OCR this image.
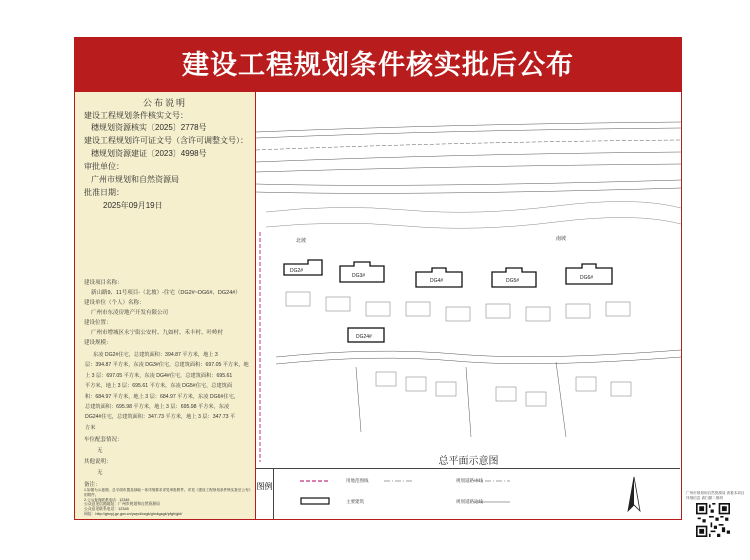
建设工程规划条件核实批后公布
公布说明
建设工程规划条件核实文号：
穗规划资源核实〔2025〕2778号
建设工程规划许可证文号（含许可调整文号）：
穗规划资源建证〔2023〕4998号
审批单位：
广州市规划和自然资源局
批准日期：
2025年09月19日
建设项目名称：
新山路9、11号项目-（北坡）-住宅（DG2#~DG6#、DG24#）
建设单位（个人）名称：
广州市东凌房地产开发有限公司
建设位置：
广州市增城区永宁街公安村、九如村、禾丰村、叶岭村
建设规模：
东凌 DG2#住宅，总建筑面积：394.87 平方米，地上 3
层：394.87 平方米，东凌 DG3#住宅，总建筑面积：697.05 平方米，地
上 3 层：697.05 平方米，东凌 DG4#住宅，总建筑面积：695.61
平方米，地上 3 层：695.61 平方米，东凌 DG5#住宅，总建筑面
积：684.97 平方米，地上 3 层：684.97 平方米，东凌 DG6#住宅，
总建筑面积：695.98 平方米，地上 3 层：695.98 平方米，东凌
DG24#住宅，总建筑面积：347.73 平方米，地上 3 层：347.73 平
方米
车位配套情况：
无
其他说明：
无
备注：
1.如图为示意图，总平面布置及绿地一体详细要求详见审批附件。详见《建设工程规划条件核实批后公布》的附件。
2.公示查询联系电话：12345
公众意见信箱地址：广州市规划和自然资源局
公众意见联系电话：12345
网址：http://ghzyj.gz.gov.cn/ywpd/xxgk/ghxkgsgk/pfgh/gkt/
DG2#
DG3#
DG4#	DG5#	DG6#
DG24#
北坡	南坡
总平面示意图
图例
用地范围线	规划道路中线
主要建筑	规划道路边线
广州市规划和自然资源局 查看本项目详细信息 请扫描二维码
